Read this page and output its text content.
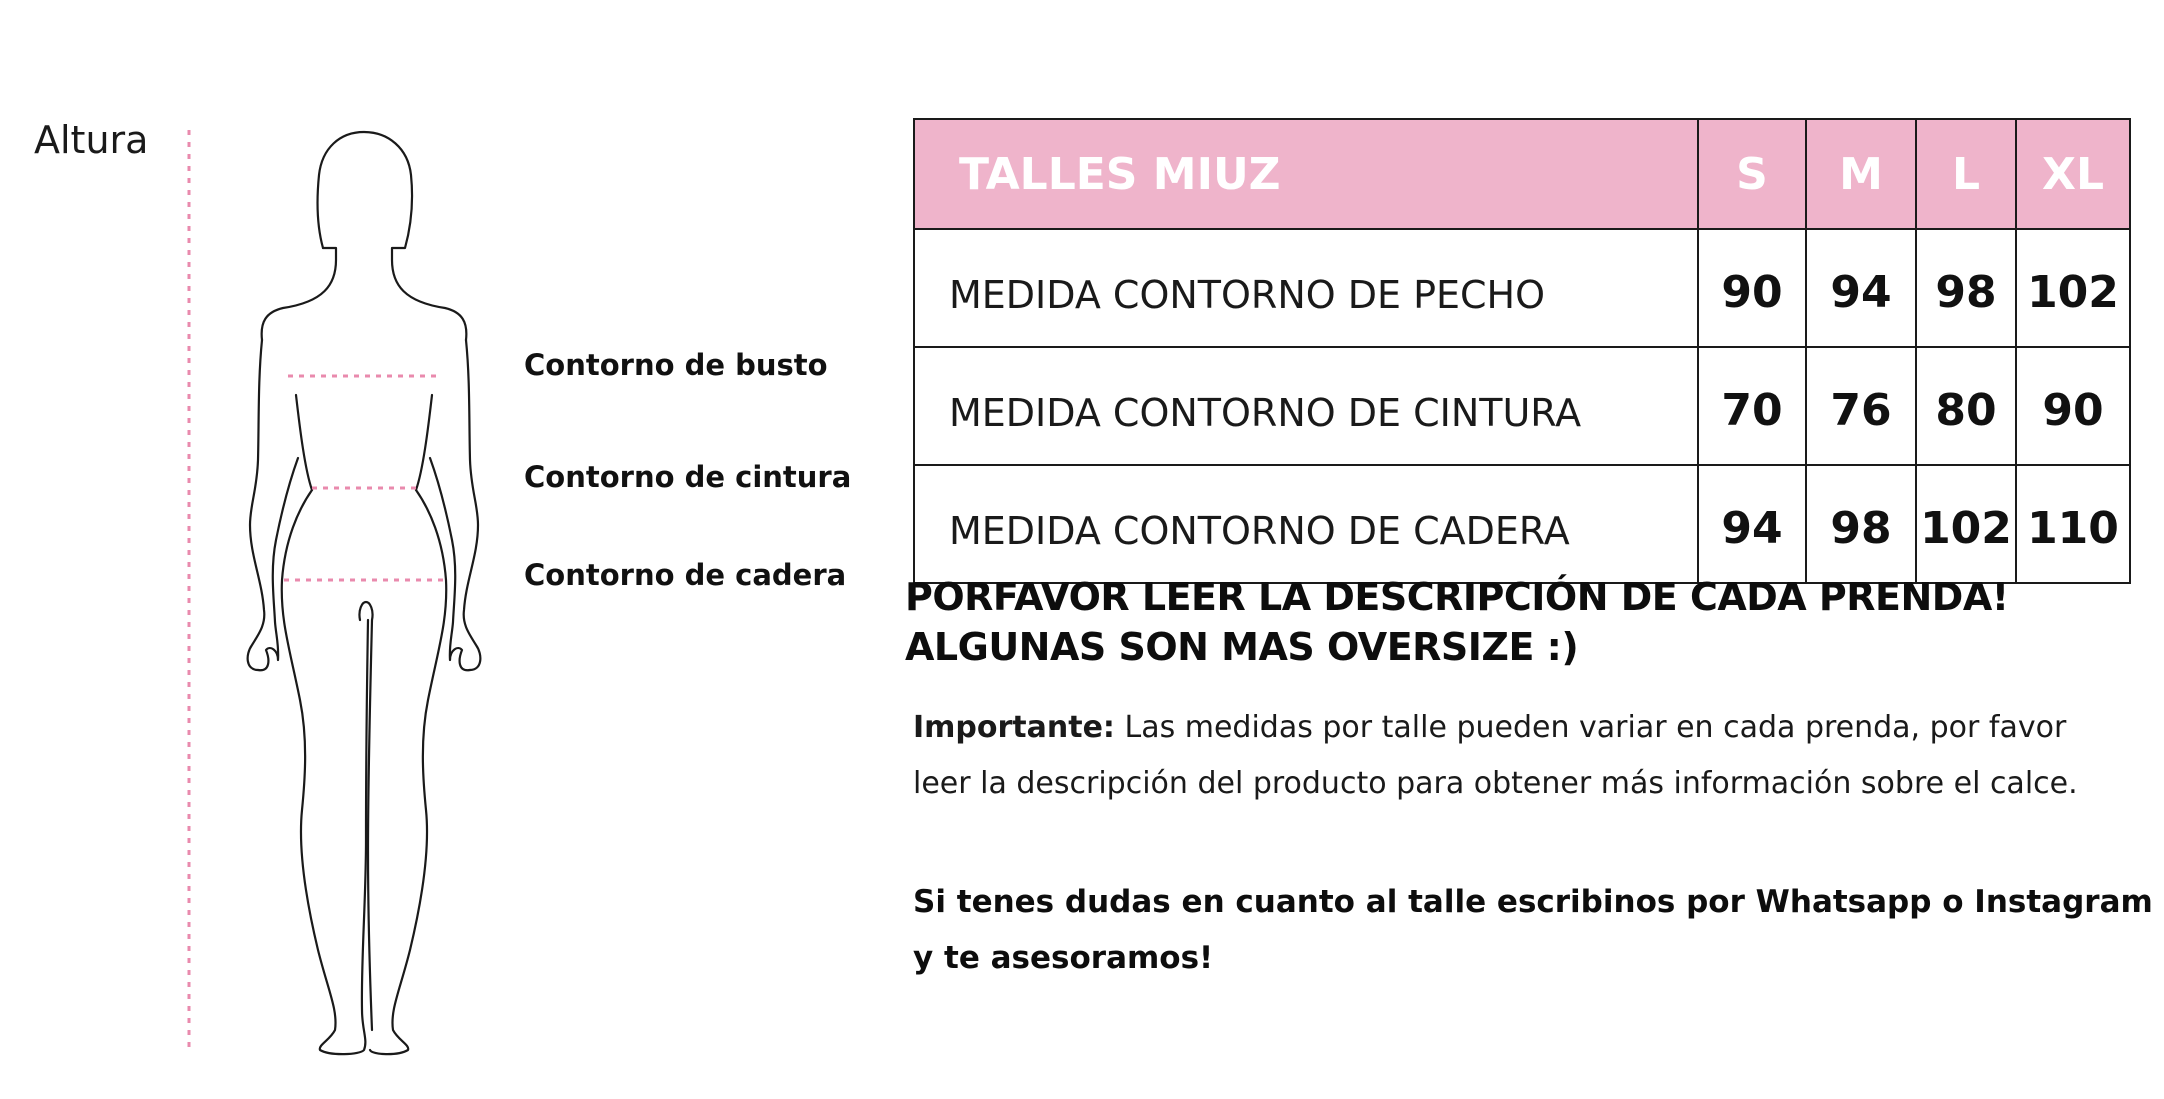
Altura
Contorno de busto
Contorno de cintura
Contorno de cadera
TALLES MIUZ	S	M	L	XL
MEDIDA CONTORNO DE PECHO	90	94	98	102
MEDIDA CONTORNO DE CINTURA	70	76	80	90
MEDIDA CONTORNO DE CADERA	94	98	102	110
PORFAVOR LEER LA DESCRIPCIÓN DE CADA PRENDA!
ALGUNAS SON MAS OVERSIZE :)
Importante: Las medidas por talle pueden variar en cada prenda, por favor leer la descripción del producto para obtener más información sobre el calce.
Si tenes dudas en cuanto al talle escribinos por Whatsapp o Instagram y te asesoramos!
